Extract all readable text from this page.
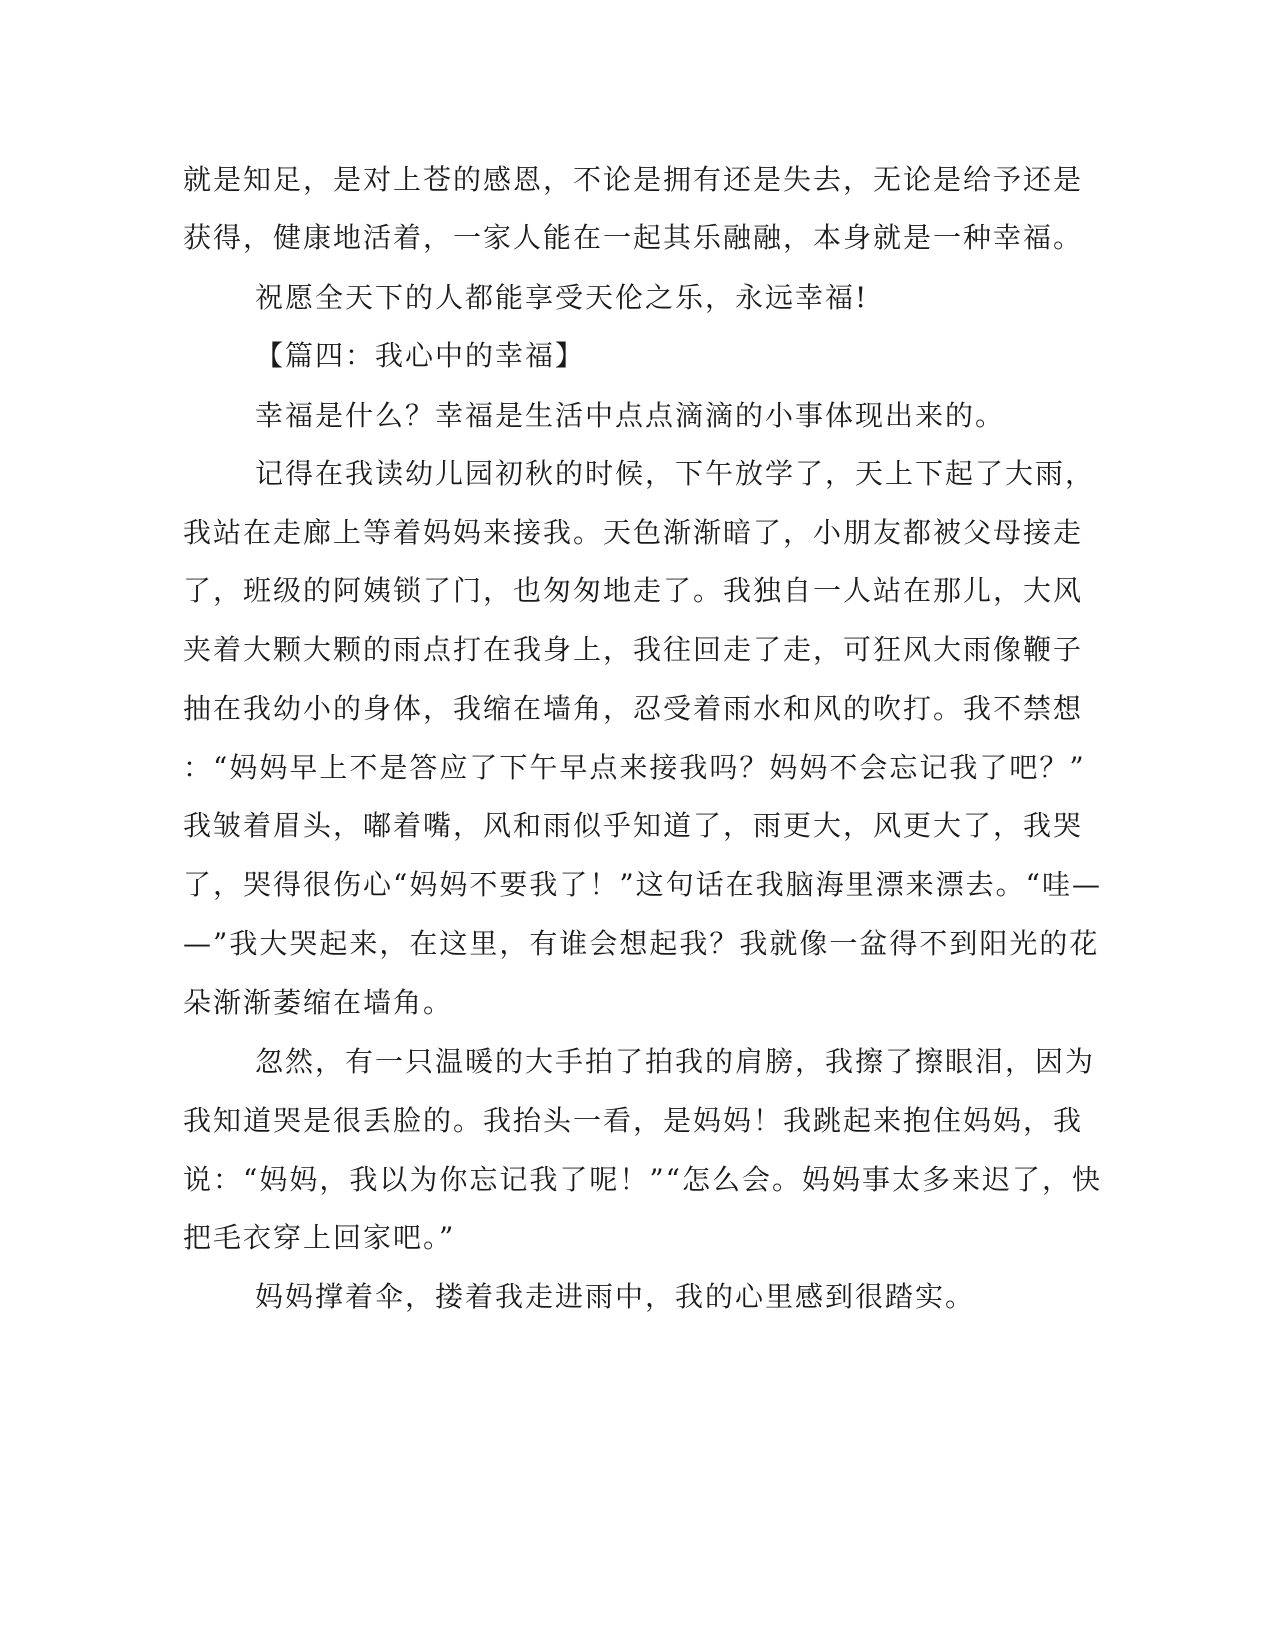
就是知足，是对上苍的感恩，不论是拥有还是失去，无论是给予还是
获得，健康地活着，一家人能在一起其乐融融，本身就是一种幸福。
祝愿全天下的人都能享受天伦之乐，永远幸福!
【篇四：我心中的幸福】
幸福是什么？幸福是生活中点点滴滴的小事体现出来的。
记得在我读幼儿园初秋的时候，下午放学了，天上下起了大雨，
我站在走廊上等着妈妈来接我。天色渐渐暗了，小朋友都被父母接走
了，班级的阿姨锁了门，也匆匆地走了。我独自一人站在那儿，大风
夹着大颗大颗的雨点打在我身上，我往回走了走，可狂风大雨像鞭子
抽在我幼小的身体，我缩在墙角，忍受着雨水和风的吹打。我不禁想
：“妈妈早上不是答应了下午早点来接我吗？妈妈不会忘记我了吧？”
我皱着眉头，嘟着嘴，风和雨似乎知道了，雨更大，风更大了，我哭
了，哭得很伤心“妈妈不要我了！”这句话在我脑海里漂来漂去。“哇—
—”我大哭起来，在这里，有谁会想起我？我就像一盆得不到阳光的花
朵渐渐萎缩在墙角。
忽然，有一只温暖的大手拍了拍我的肩膀，我擦了擦眼泪，因为
我知道哭是很丢脸的。我抬头一看，是妈妈！我跳起来抱住妈妈，我
说：“妈妈，我以为你忘记我了呢！”“怎么会。妈妈事太多来迟了，快
把毛衣穿上回家吧。”
妈妈撑着伞，搂着我走进雨中，我的心里感到很踏实。
